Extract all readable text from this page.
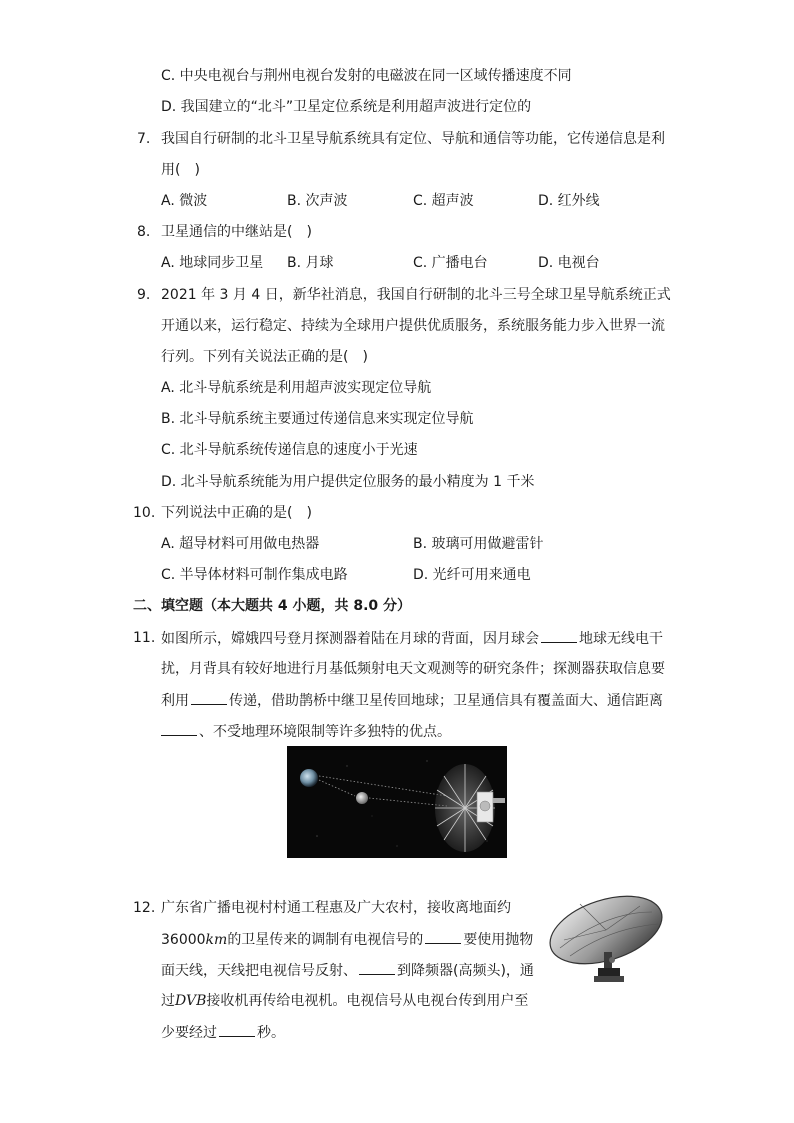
C. 中央电视台与荆州电视台发射的电磁波在同一区域传播速度不同
D. 我国建立的“北斗”卫星定位系统是利用超声波进行定位的
7. 我国自行研制的北斗卫星导航系统具有定位、导航和通信等功能，它传递信息是利
用(　)
A. 微波	B. 次声波	C. 超声波	D. 红外线
8. 卫星通信的中继站是(　)
A. 地球同步卫星 B. 月球	C. 广播电台	D. 电视台
9. 2021 年 3 月 4 日，新华社消息，我国自行研制的北斗三号全球卫星导航系统正式
开通以来，运行稳定、持续为全球用户提供优质服务，系统服务能力步入世界一流
行列。下列有关说法正确的是(　)
A. 北斗导航系统是利用超声波实现定位导航
B. 北斗导航系统主要通过传递信息来实现定位导航
C. 北斗导航系统传递信息的速度小于光速
D. 北斗导航系统能为用户提供定位服务的最小精度为 1 千米
10. 下列说法中正确的是(　)
A. 超导材料可用做电热器	B. 玻璃可用做避雷针
C. 半导体材料可制作集成电路	D. 光纤可用来通电
二、填空题（本大题共 4 小题，共 8.0 分）
11. 如图所示，嫦娥四号登月探测器着陆在月球的背面，因月球会	地球无线电干
扰，月背具有较好地进行月基低频射电天文观测等的研究条件；探测器获取信息要
利用	传递，借助鹊桥中继卫星传回地球；卫星通信具有覆盖面大、通信距离
、不受地理环境限制等许多独特的优点。
12. 广东省广播电视村村通工程惠及广大农村，接收离地面约
36000km的卫星传来的调制有电视信号的	要使用抛物
面天线，天线把电视信号反射、	到降频器(高频头)，通
过DVB接收机再传给电视机。电视信号从电视台传到用户至
少要经过	秒。
